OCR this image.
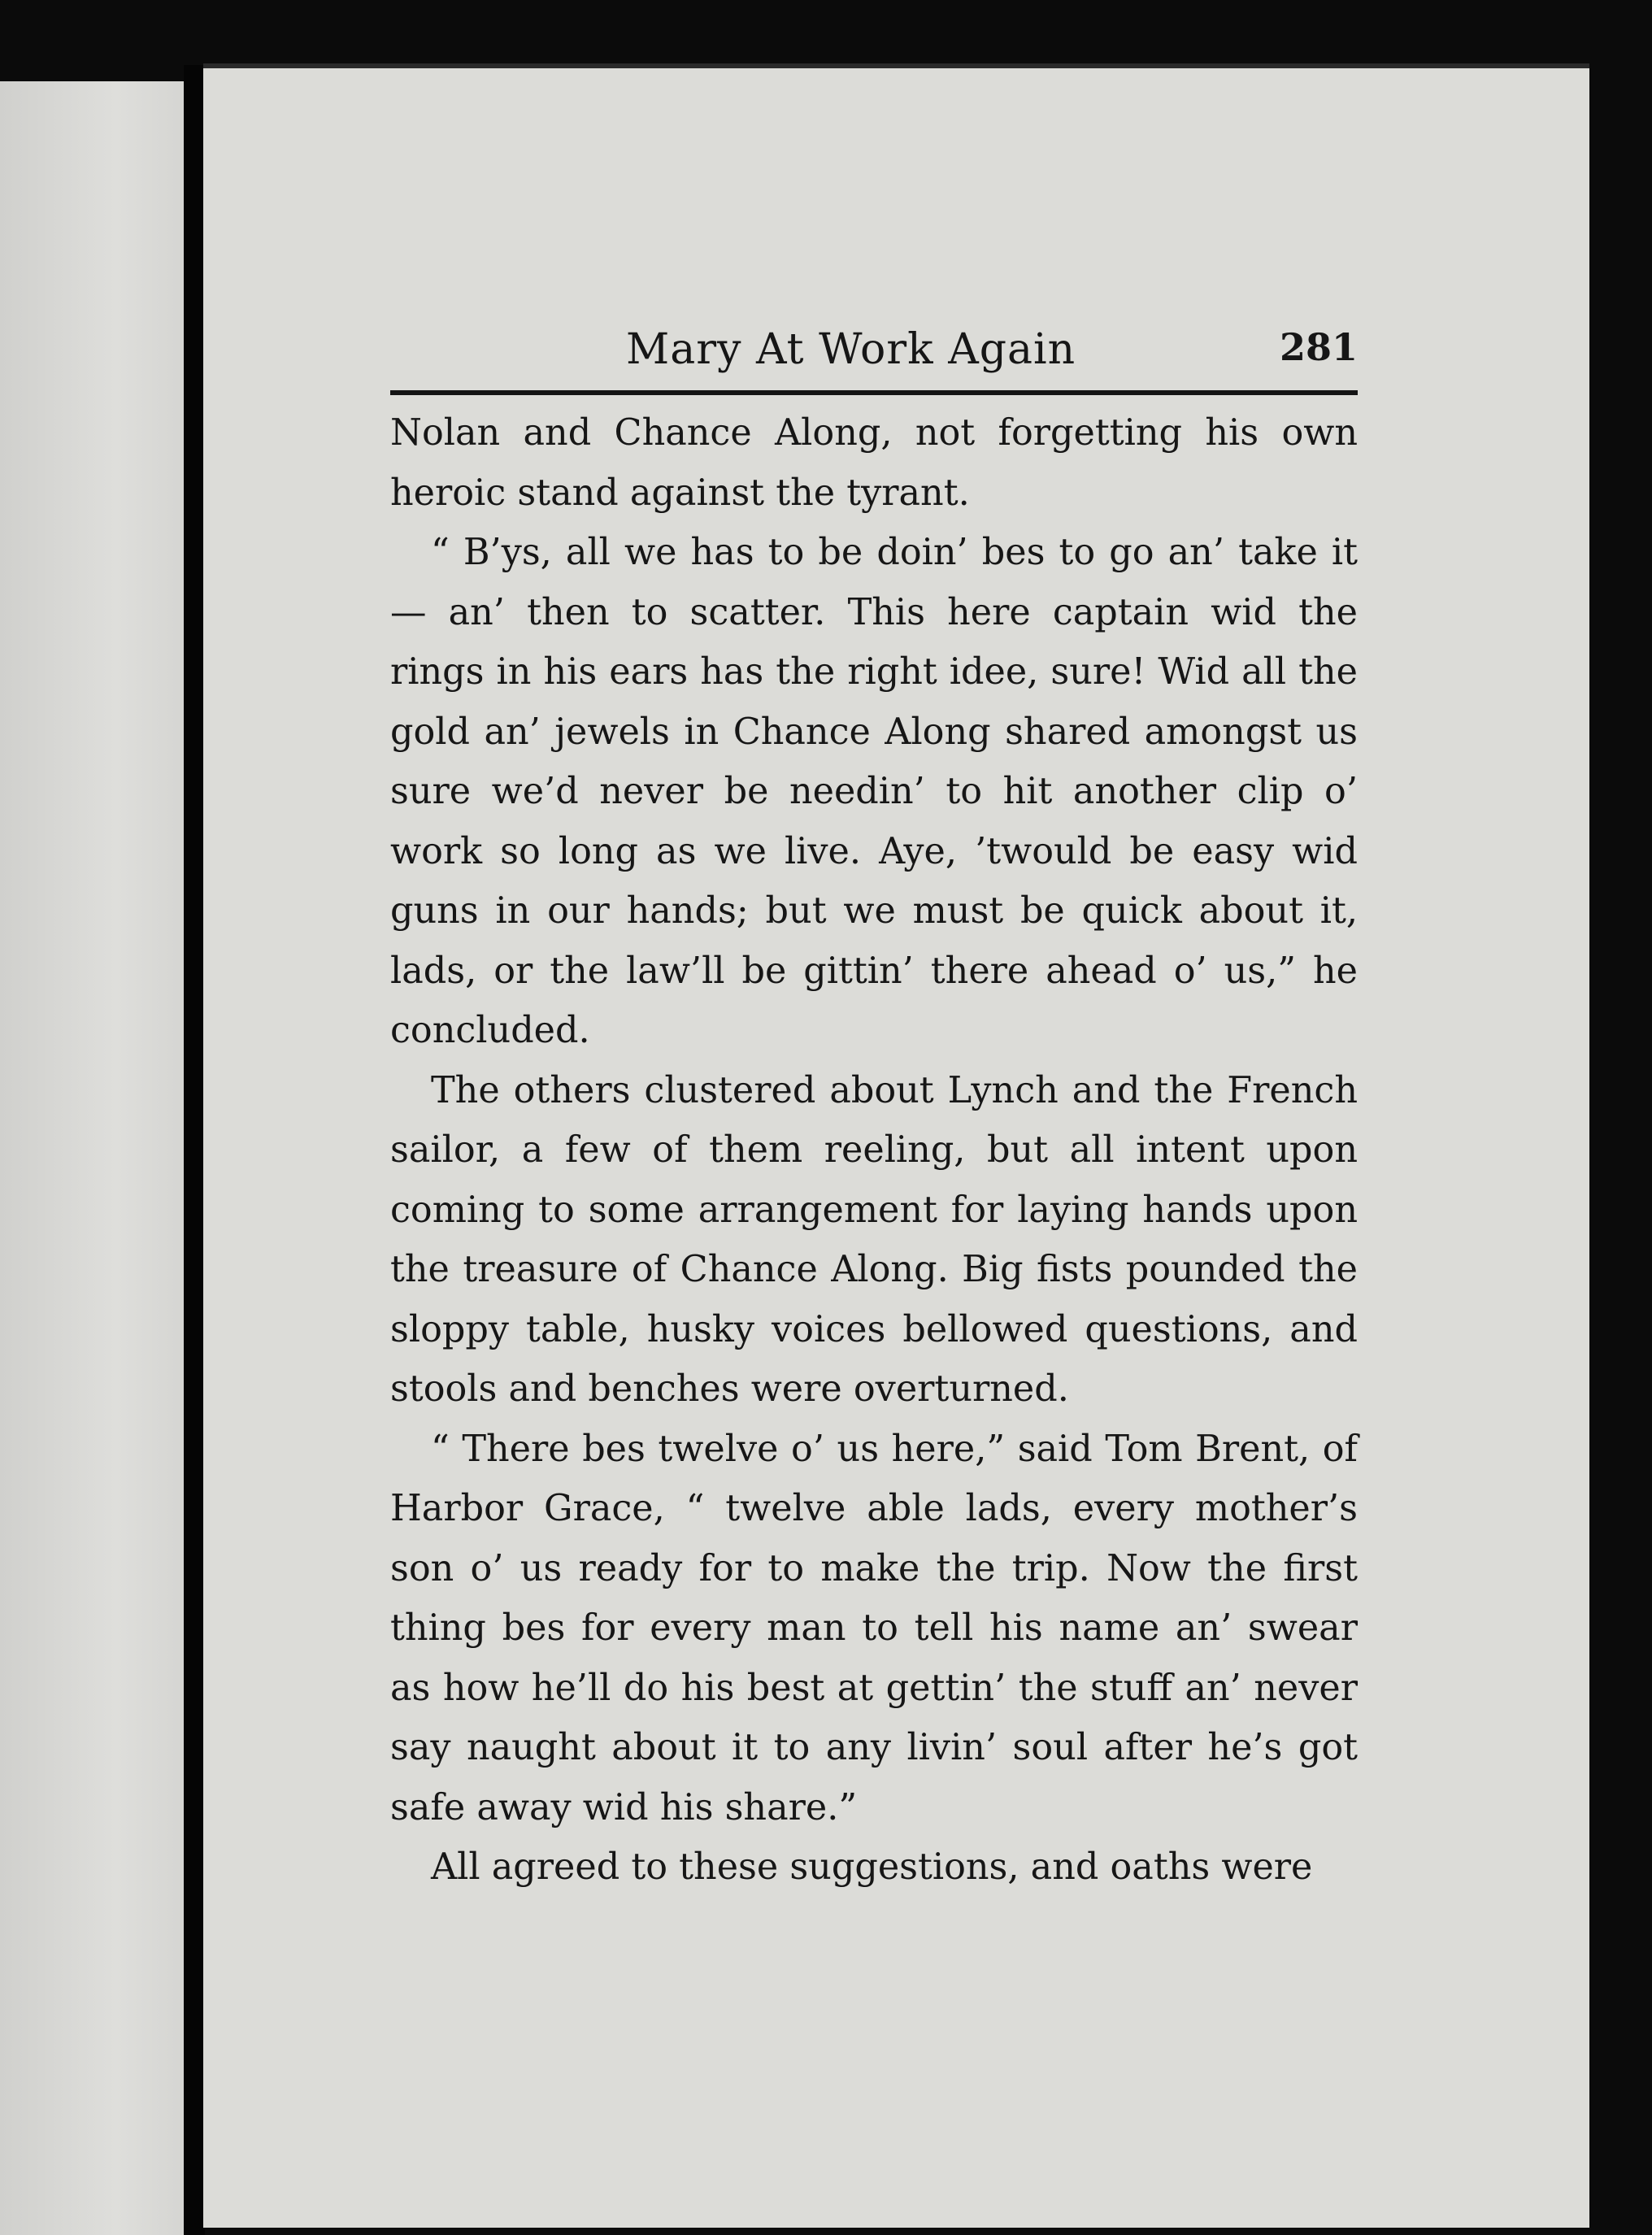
Mary At Work Again	281

Nolan and Chance Along, not forgetting his own heroic stand against the tyrant.

“ B’ys, all we has to be doin’ bes to go an’ take it — an’ then to scatter. This here captain wid the rings in his ears has the right idee, sure! Wid all the gold an’ jewels in Chance Along shared amongst us sure we’d never be needin’ to hit another clip o’ work so long as we live. Aye, ’twould be easy wid guns in our hands; but we must be quick about it, lads, or the law’ll be gittin’ there ahead o’ us,” he concluded.

The others clustered about Lynch and the French sailor, a few of them reeling, but all intent upon coming to some arrangement for laying hands upon the treasure of Chance Along. Big fists pounded the sloppy table, husky voices bellowed questions, and stools and benches were overturned.

“ There bes twelve o’ us here,” said Tom Brent, of Harbor Grace, “ twelve able lads, every mother’s son o’ us ready for to make the trip. Now the first thing bes for every man to tell his name an’ swear as how he’ll do his best at gettin’ the stuff an’ never say naught about it to any livin’ soul after he’s got safe away wid his share.”

All agreed to these suggestions, and oaths were
